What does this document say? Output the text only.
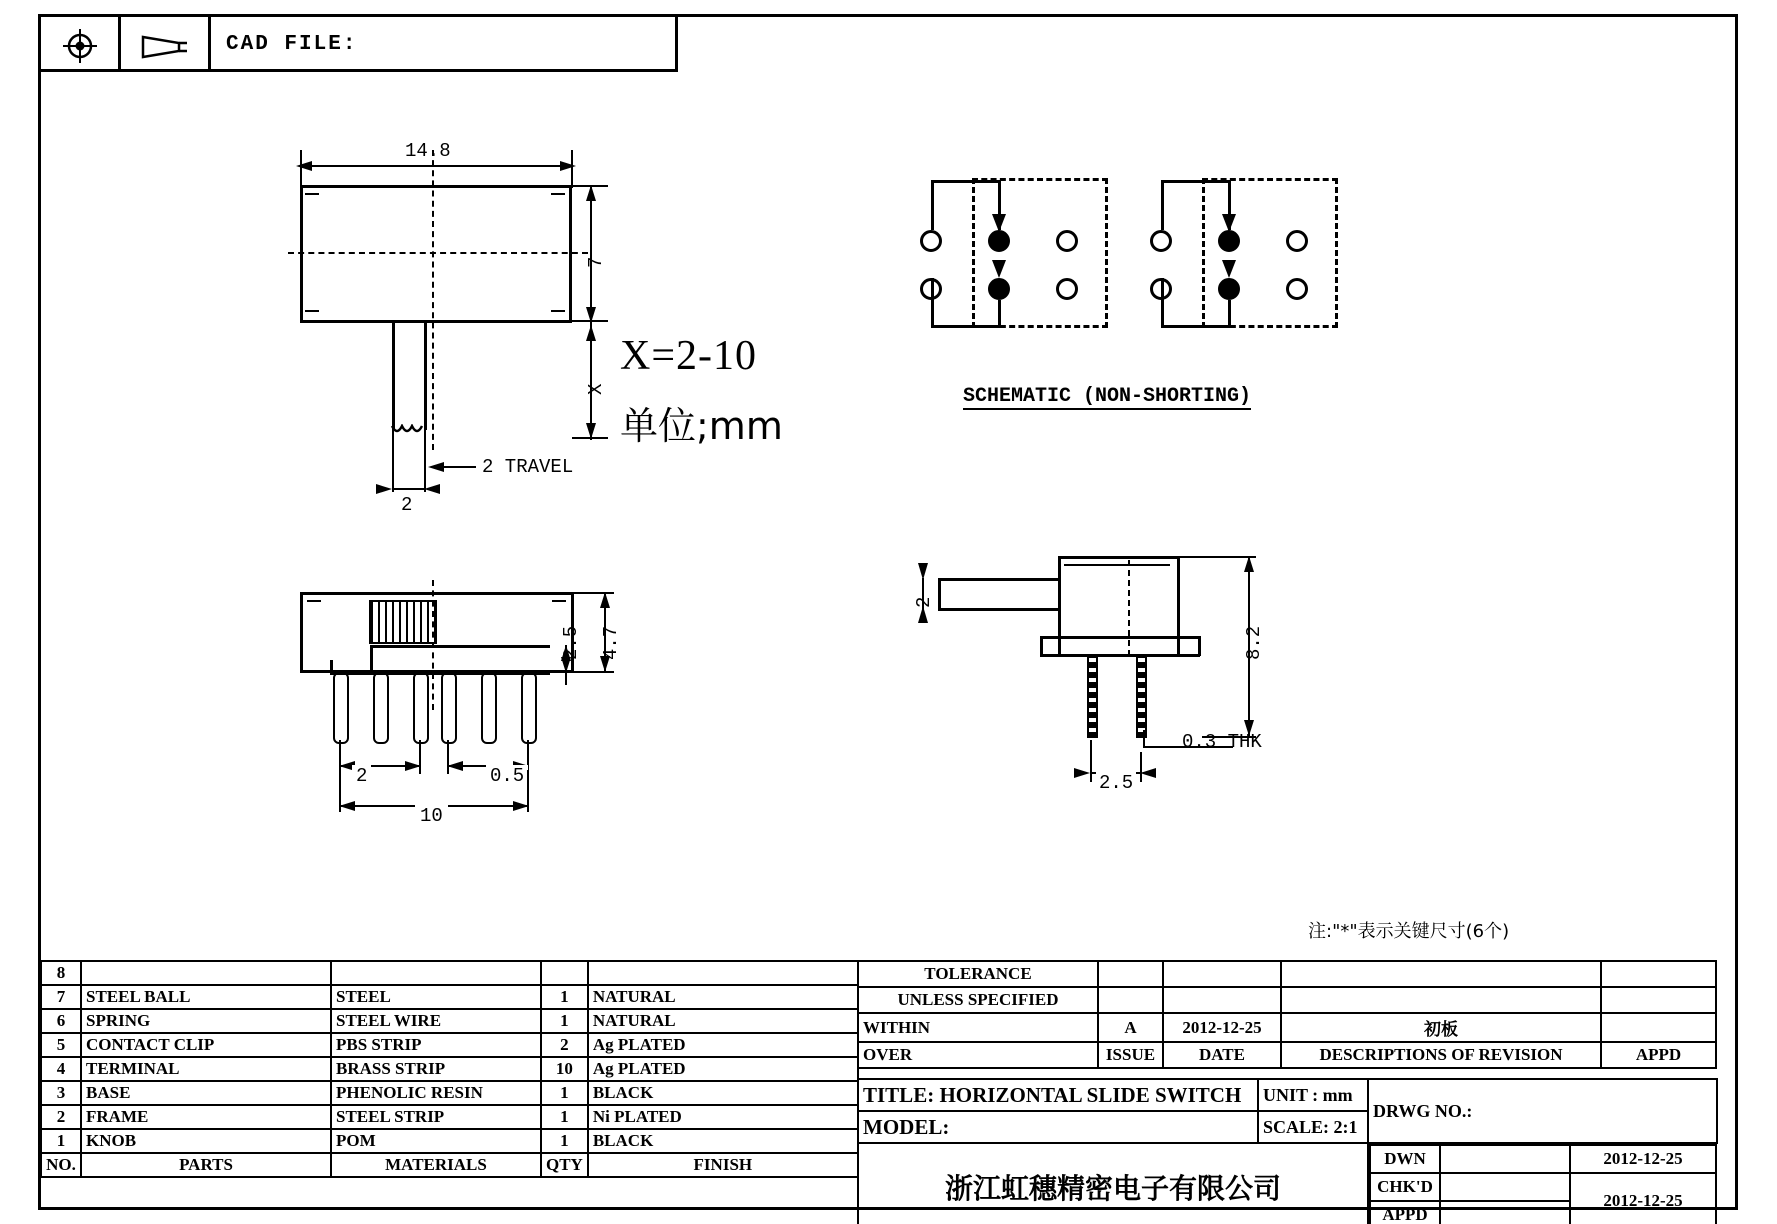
CAD FILE:
14.8
7
X
2 TRAVEL
2
X=2-10
单位;mm
SCHEMATIC (NON-SHORTING)
4.7
2.5
2	0.5
10
2
8.2
0.3 THK
2.5
注:"*"表示关键尺寸(6个)
8				
7	STEEL BALL	STEEL	1	NATURAL
6	SPRING	STEEL WIRE	1	NATURAL
5	CONTACT CLIP	PBS STRIP	2	Ag PLATED
4	TERMINAL	BRASS STRIP	10	Ag PLATED
3	BASE	PHENOLIC RESIN	1	BLACK
2	FRAME	STEEL STRIP	1	Ni PLATED
1	KNOB	POM	1	BLACK
NO.	PARTS	MATERIALS	QTY	FINISH
TOLERANCE				
UNLESS SPECIFIED				
WITHIN	A	2012-12-25	初板	
OVER	ISSUE	DATE	DESCRIPTIONS OF REVISION	APPD
TITLE: HORIZONTAL SLIDE SWITCH	UNIT : mm	DRWG NO.:
MODEL:	SCALE: 2:1
浙江虹穗精密电子有限公司	
DWN		2012-12-25
CHK'D		2012-12-25
APPD	
